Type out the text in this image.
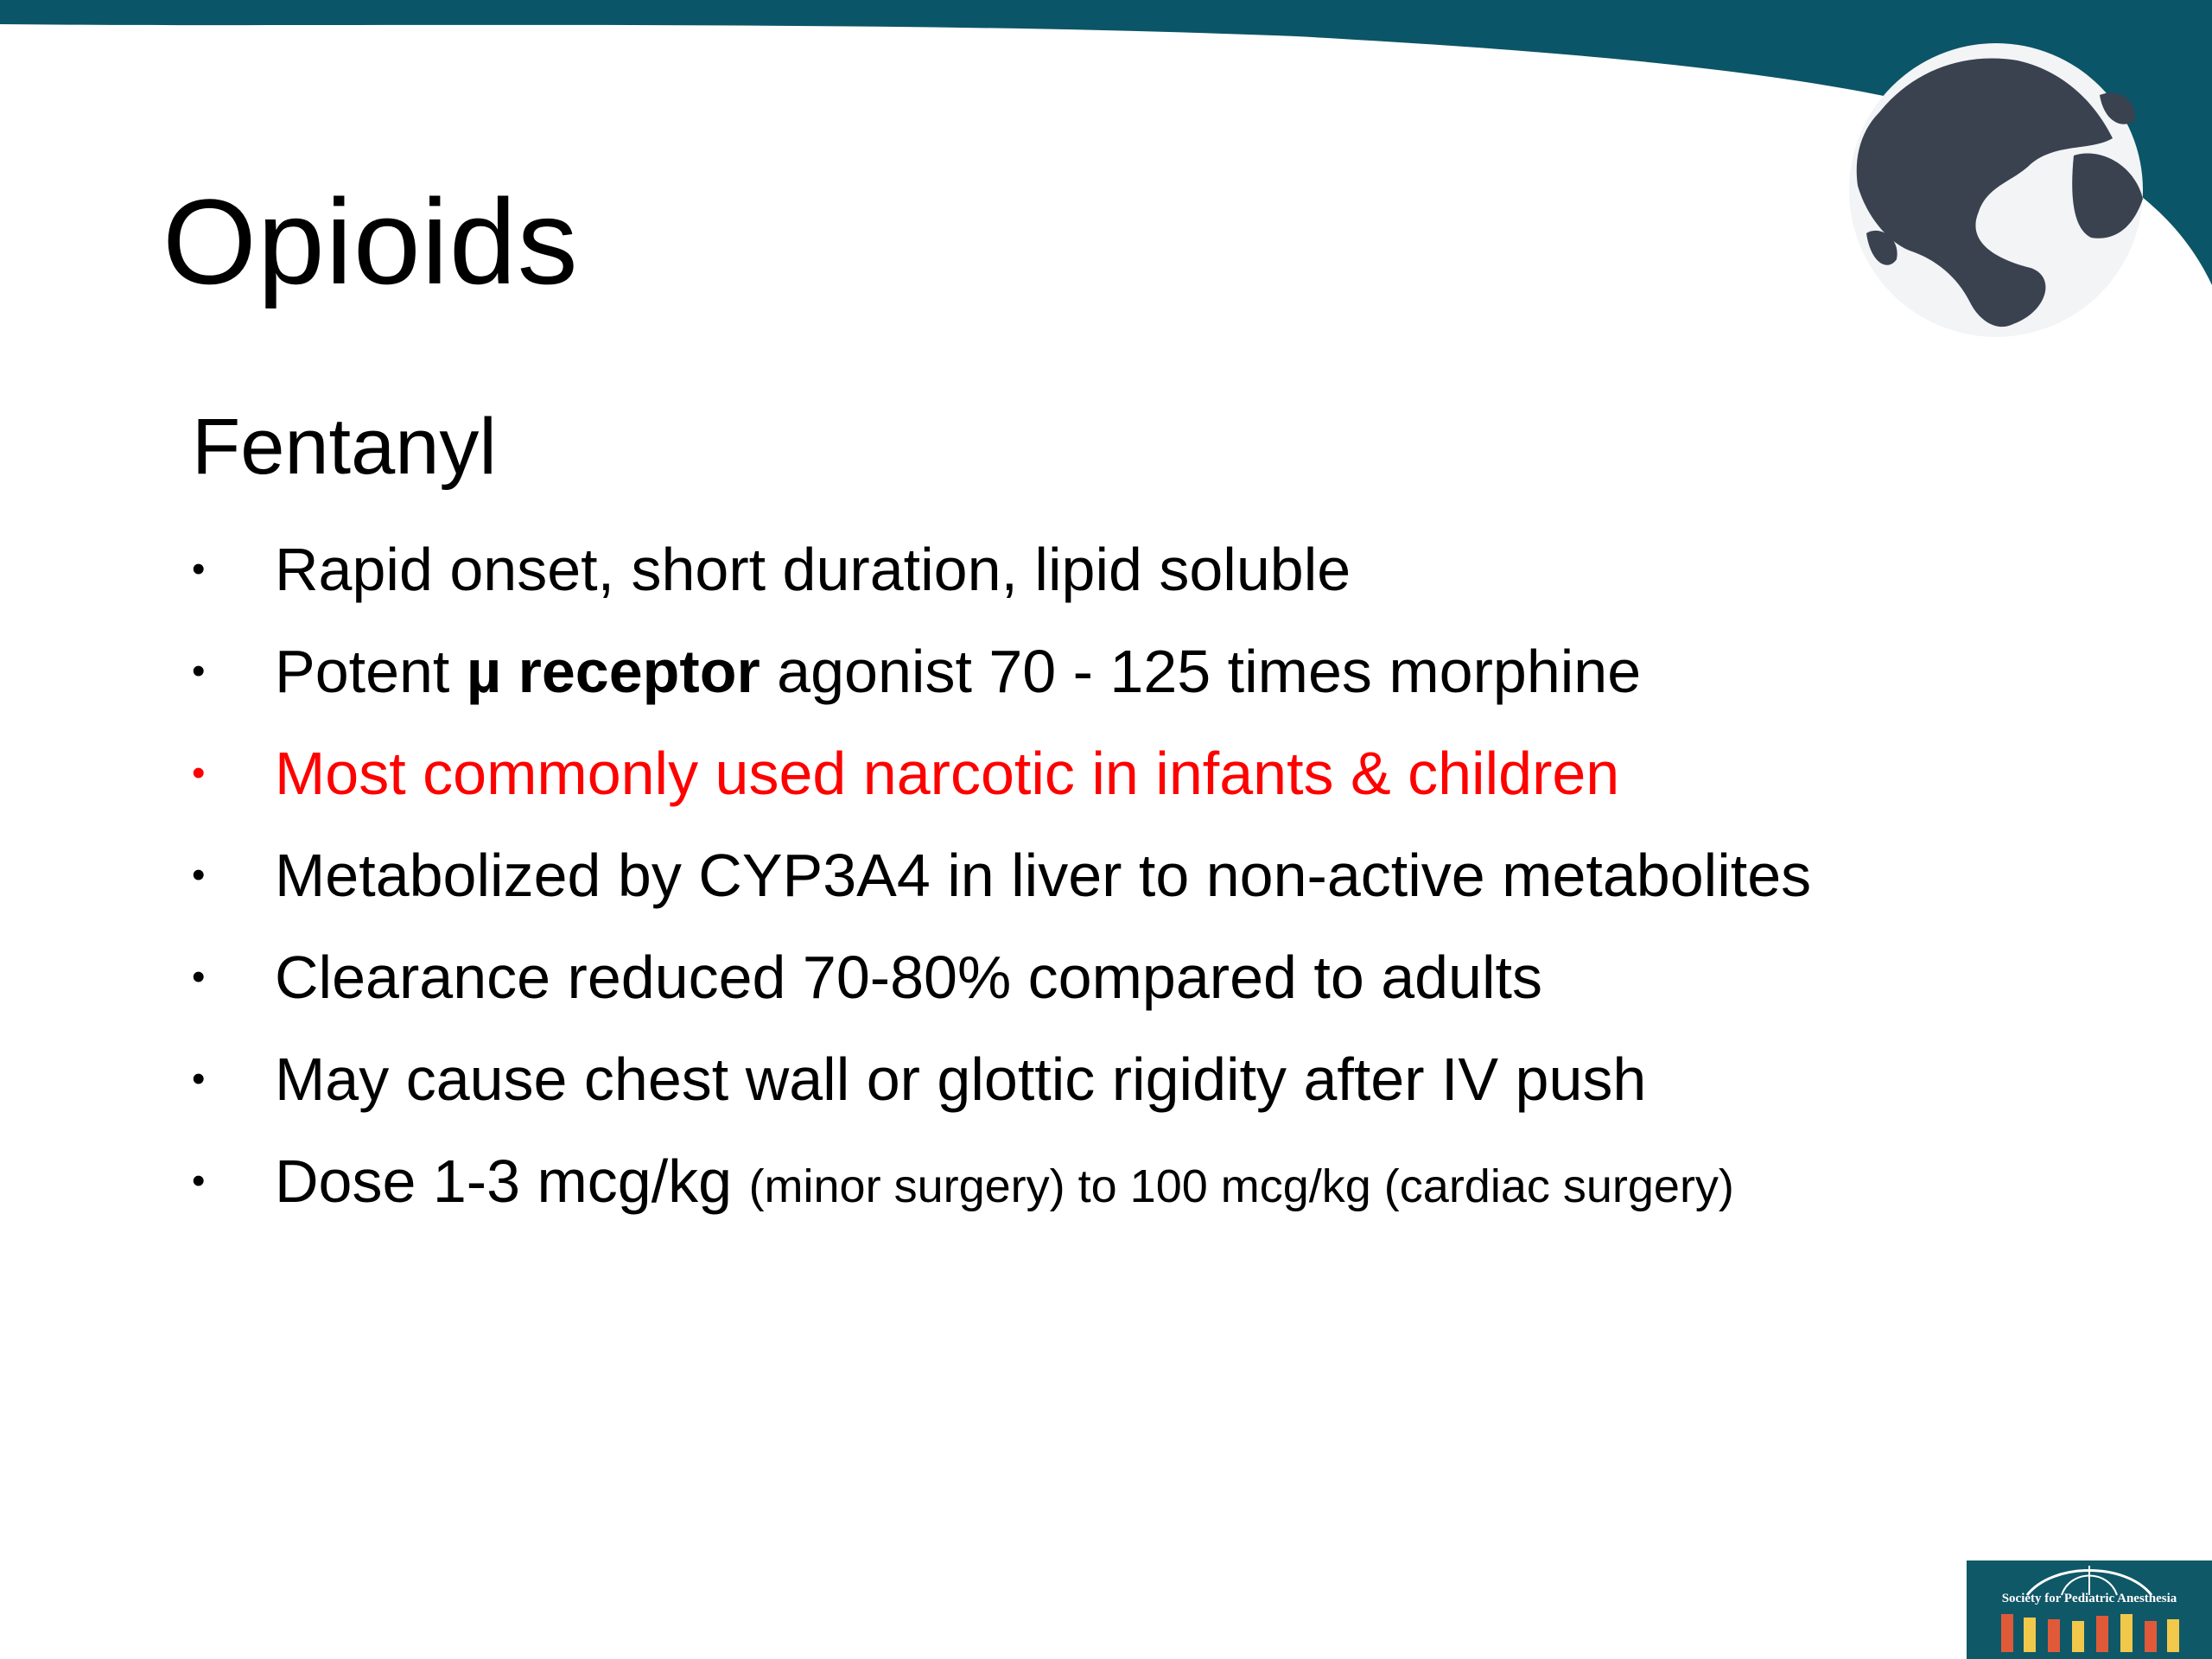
Opioids
Fentanyl
• Rapid onset, short duration, lipid soluble
• Potent µ receptor agonist 70 - 125 times morphine
• Most commonly used narcotic in infants & children
• Metabolized by CYP3A4 in liver to non-active metabolites
• Clearance reduced 70-80% compared to adults
• May cause chest wall or glottic rigidity after IV push
• Dose 1-3 mcg/kg (minor surgery) to 100 mcg/kg (cardiac surgery)
Society for Pediatric Anesthesia
